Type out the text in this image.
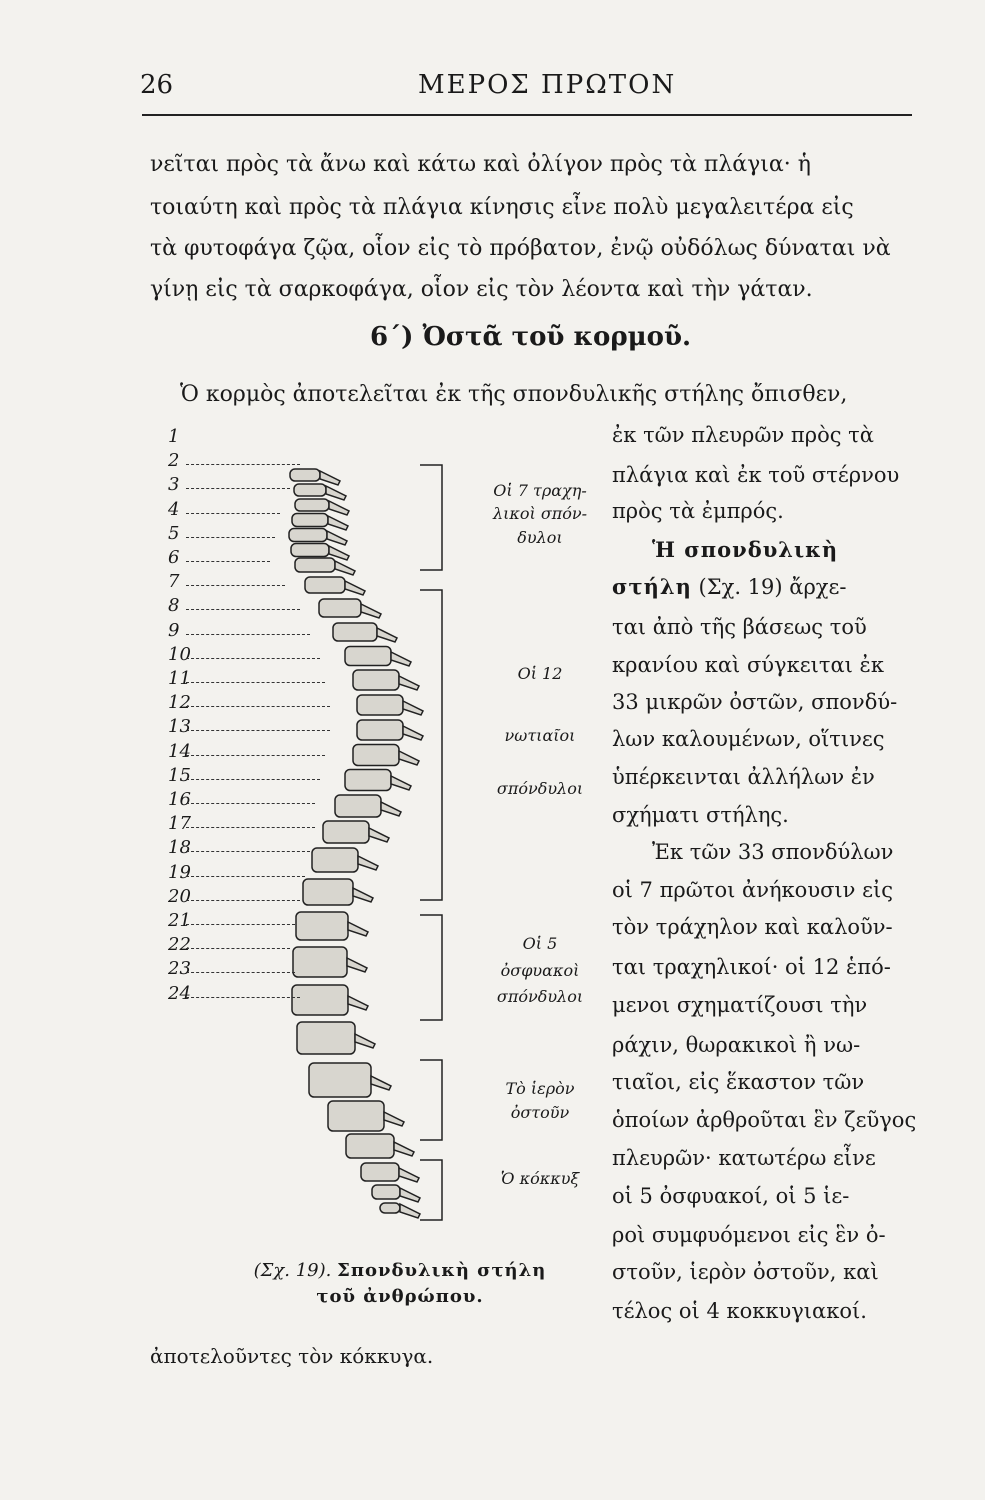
26	ΜΕΡΟΣ ΠΡΩΤΟΝ
νεῖται πρὸς τὰ ἄνω καὶ κάτω καὶ ὀλίγον πρὸς τὰ πλάγια· ἡ
τοιαύτη καὶ πρὸς τὰ πλάγια κίνησις εἶνε πολὺ μεγαλειτέρα εἰς
τὰ φυτοφάγα ζῷα, οἷον εἰς τὸ πρόβατον, ἐνῷ οὐδόλως δύναται νὰ
γίνῃ εἰς τὰ σαρκοφάγα, οἷον εἰς τὸν λέοντα καὶ τὴν γάταν.
6΄) Ὀστᾶ τοῦ κορμοῦ.
Ὁ κορμὸς ἀποτελεῖται ἐκ τῆς σπονδυλικῆς στήλης ὄπισθεν,
ἐκ τῶν πλευρῶν πρὸς τὰ
πλάγια καὶ ἐκ τοῦ στέρνου
πρὸς τὰ ἐμπρός.
Ἡ σπονδυλικὴ
στήλη (Σχ. 19) ἄρχε-
ται ἀπὸ τῆς βάσεως τοῦ
κρανίου καὶ σύγκειται ἐκ
33 μικρῶν ὀστῶν, σπονδύ-
λων καλουμένων, οἵτινες
ὑπέρκεινται ἀλλήλων ἐν
σχήματι στήλης.
Ἐκ τῶν 33 σπονδύλων
οἱ 7 πρῶτοι ἀνήκουσιν εἰς
τὸν τράχηλον καὶ καλοῦν-
ται τραχηλικοί· οἱ 12 ἑπό-
μενοι σχηματίζουσι τὴν
ράχιν, θωρακικοὶ ἢ νω-
τιαῖοι, εἰς ἕκαστον τῶν
ὁποίων ἀρθροῦται ἓν ζεῦγος
πλευρῶν· κατωτέρω εἶνε
οἱ 5 ὀσφυακοί, οἱ 5 ἱε-
ροὶ συμφυόμενοι εἰς ἓν ὀ-
στοῦν, ἱερὸν ὀστοῦν, καὶ
τέλος οἱ 4 κοκκυγιακοί.
1
2
3
4
5
6
7
8
9
10
11
12
13
14
15
16
17
18
19
20
21
22
23
24
Οἱ 7 τραχη-
λικοὶ σπόν-
δυλοι
Οἱ 12
νωτιαῖοι
σπόνδυλοι
Οἱ 5
ὀσφυακοὶ
σπόνδυλοι
Τὸ ἱερὸν
ὀστοῦν
Ὁ κόκκυξ
(Σχ. 19). Σπονδυλικὴ στήλη
τοῦ ἀνθρώπου.
ἀποτελοῦντες τὸν κόκκυγα.
